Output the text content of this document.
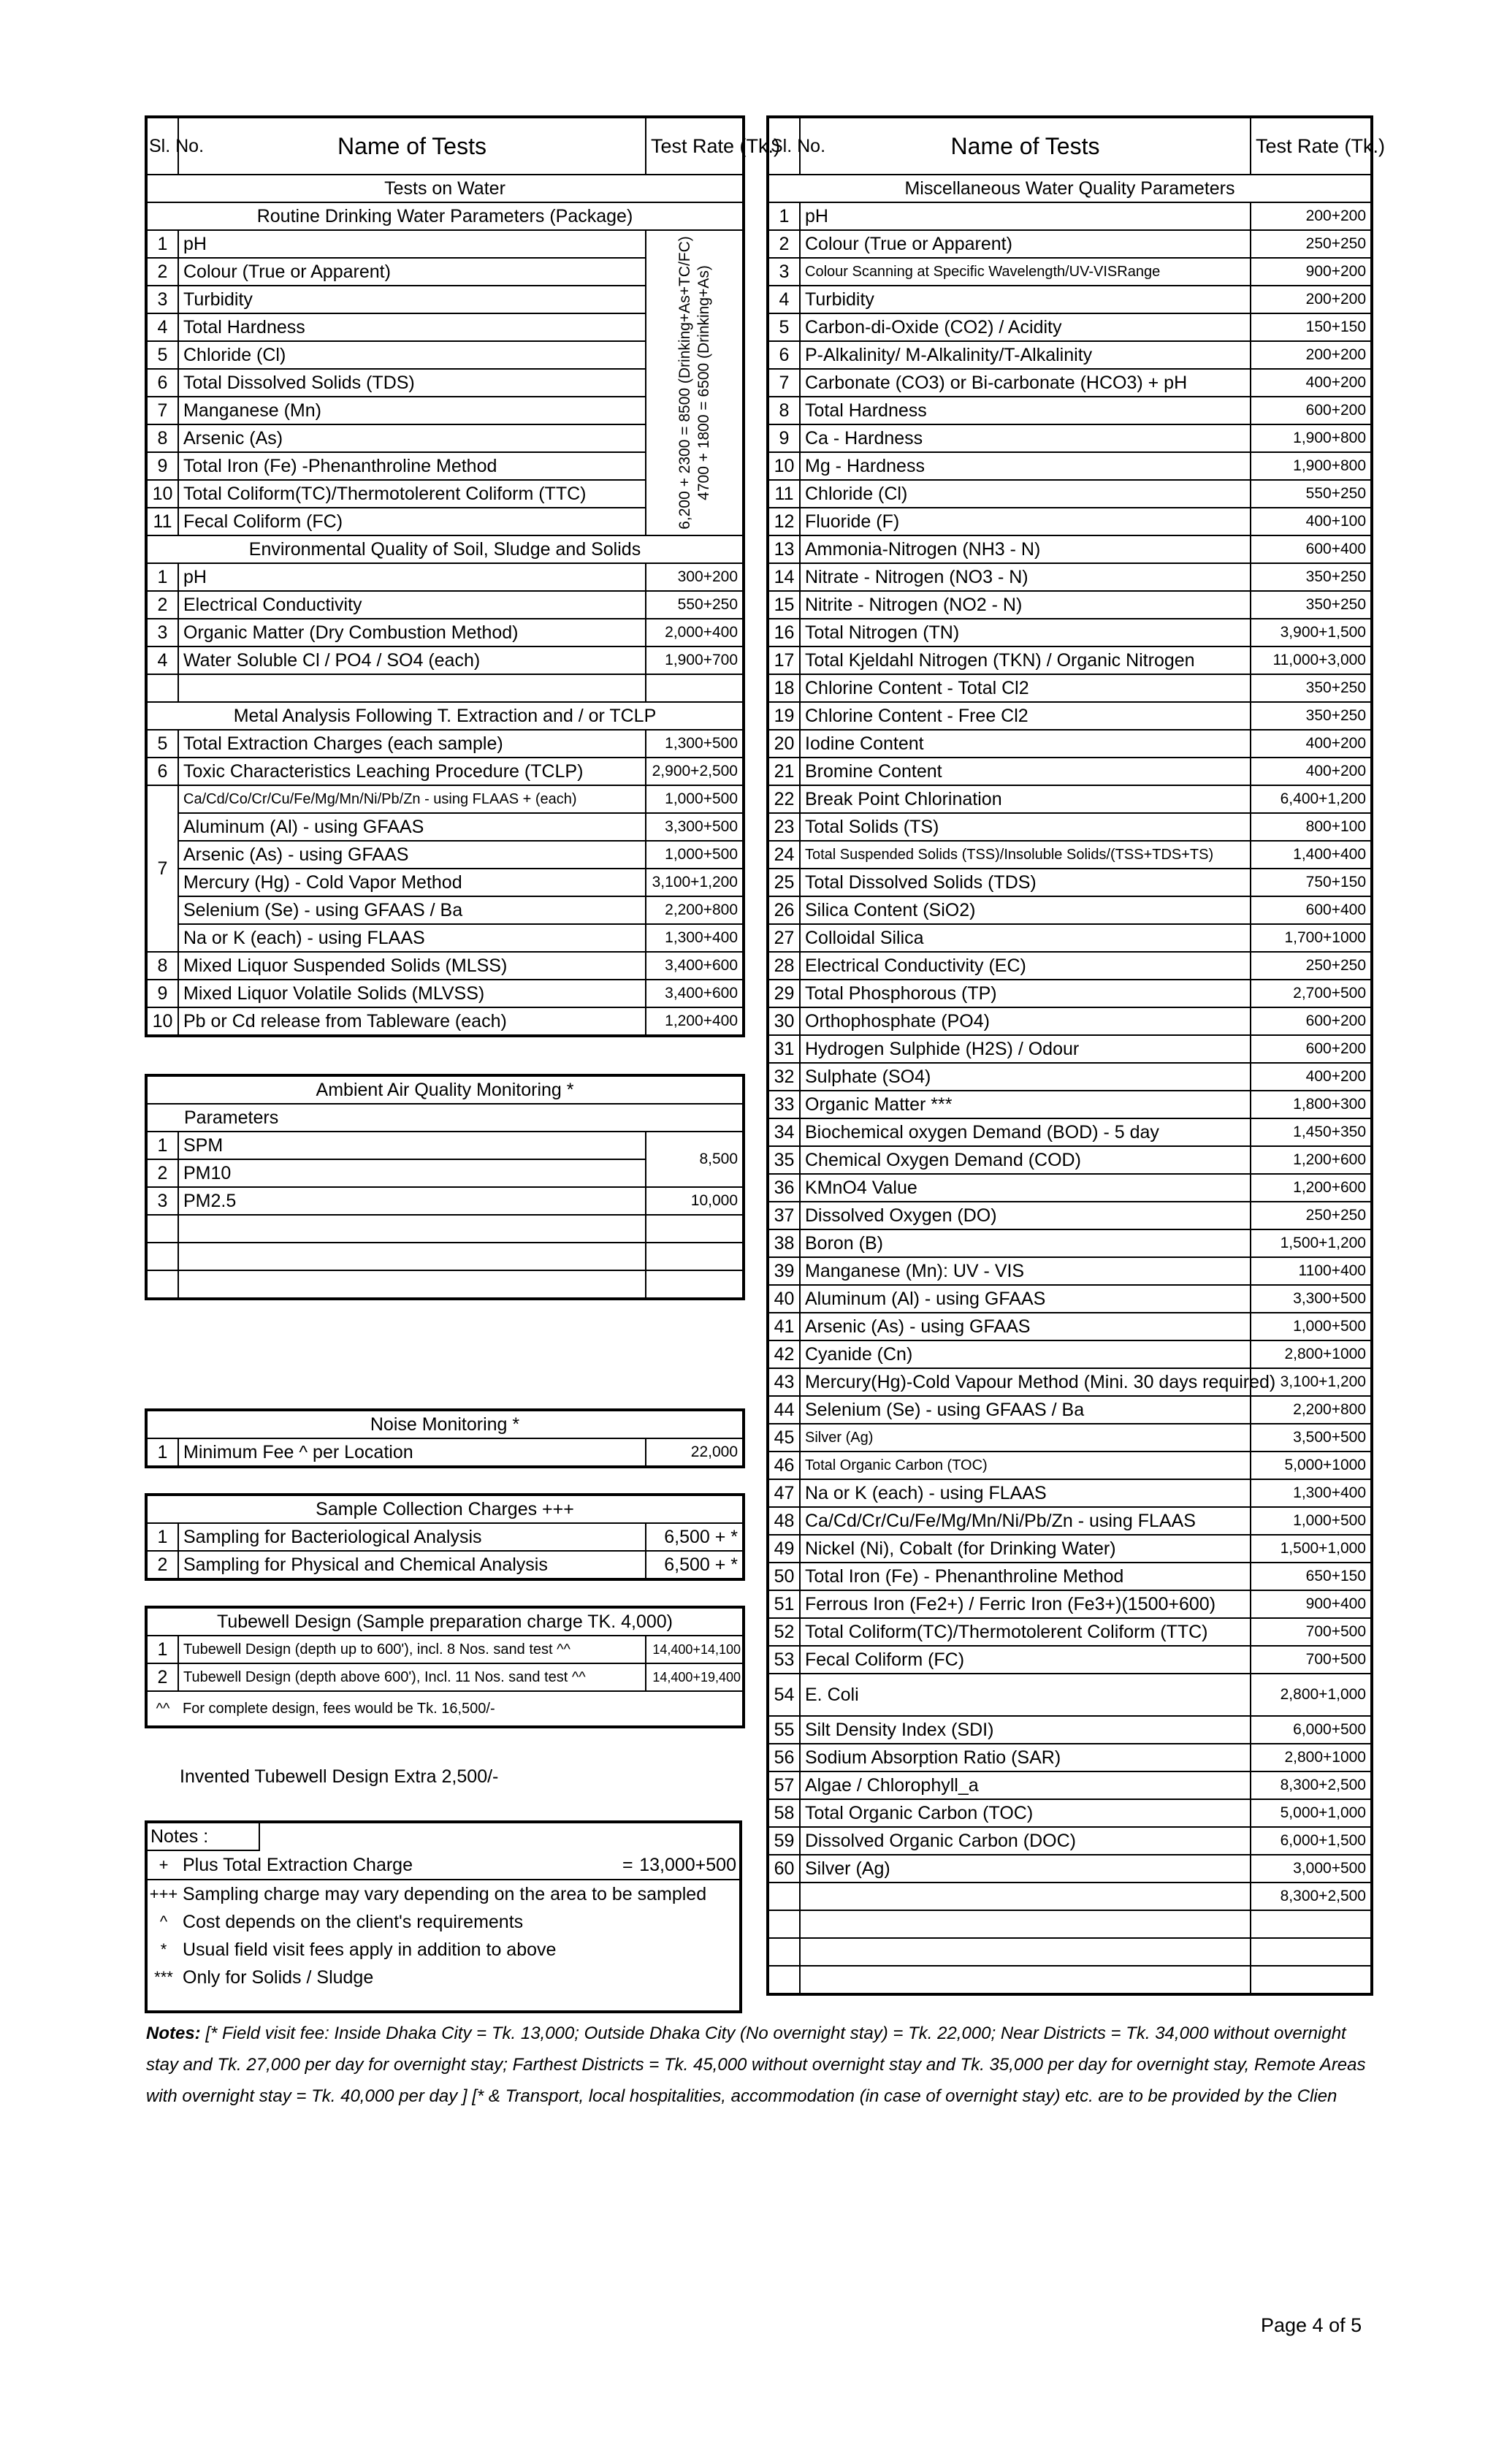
Sl. No.	Name of Tests	Test Rate (Tk.)
Tests on Water		
Routine Drinking Water Parameters (Package)		
1	pH	6,200 + 2300 = 8500 (Drinking+As+TC/FC) 4700 + 1800 = 6500 (Drinking+As)

2	Colour (True or Apparent)	
3	Turbidity	
4	Total Hardness	
5	Chloride (Cl)	
6	Total Dissolved Solids (TDS)	
7	Manganese (Mn)	
8	Arsenic (As)	
9	Total Iron (Fe) -Phenanthroline Method	
10	Total Coliform(TC)/Thermotolerent Coliform (TTC)	
11	Fecal Coliform (FC)	
Environmental Quality of Soil, Sludge and Solids		
1	pH	300+200
2	Electrical Conductivity	550+250
3	Organic Matter (Dry Combustion Method)	2,000+400
4	Water Soluble Cl / PO4 / SO4 (each)	1,900+700

Metal Analysis Following T. Extraction and / or TCLP		
5	Total Extraction Charges (each sample)	1,300+500
6	Toxic Characteristics Leaching Procedure (TCLP)	2,900+2,500
7	Ca/Cd/Co/Cr/Cu/Fe/Mg/Mn/Ni/Pb/Zn - using FLAAS + (each)	1,000+500
	Aluminum (Al) - using GFAAS	3,300+500
	Arsenic (As) - using GFAAS	1,000+500
	Mercury (Hg) - Cold Vapor Method	3,100+1,200
	Selenium (Se) - using GFAAS / Ba	2,200+800
	Na or K (each) - using FLAAS	1,300+400
8	Mixed Liquor Suspended Solids (MLSS)	3,400+600
9	Mixed Liquor Volatile Solids (MLVSS)	3,400+600
10	Pb or Cd release from Tableware (each)	1,200+400
Ambient Air Quality Monitoring *		
Parameters		
1	SPM	8,500
2	PM10	
3	PM2.5	10,000

Noise Monitoring *
1	Minimum Fee ^ per Location	22,000
Sample Collection Charges +++		
1	Sampling for Bacteriological Analysis	6,500 + *
2	Sampling for Physical and Chemical Analysis	6,500 + *
Tubewell Design (Sample preparation charge TK. 4,000)		
1	Tubewell Design (depth up to 600'), incl. 8 Nos. sand test ^^	14,400+14,100
2	Tubewell Design (depth above 600'), Incl. 11 Nos. sand test ^^	14,400+19,400
^^	For complete design, fees would be Tk. 16,500/-	
Invented Tubewell Design Extra 2,500/-
Notes :
+ Plus Total Extraction Charge	= 13,000+500
+++ Sampling charge may vary depending on the area to be sampled
^ Cost depends on the client's requirements
* Usual field visit fees apply in addition to above
*** Only for Solids / Sludge
Sl. No.	Name of Tests	Test Rate (Tk.)
Miscellaneous Water Quality Parameters		
1	pH	200+200
2	Colour (True or Apparent)	250+250
3	Colour Scanning at Specific Wavelength/UV-VISRange	900+200
4	Turbidity	200+200
5	Carbon-di-Oxide (CO2) / Acidity	150+150
6	P-Alkalinity/ M-Alkalinity/T-Alkalinity	200+200
7	Carbonate (CO3) or Bi-carbonate (HCO3) + pH	400+200
8	Total Hardness	600+200
9	Ca - Hardness	1,900+800
10	Mg - Hardness	1,900+800
11	Chloride (Cl)	550+250
12	Fluoride (F)	400+100
13	Ammonia-Nitrogen (NH3 - N)	600+400
14	Nitrate - Nitrogen (NO3 - N)	350+250
15	Nitrite - Nitrogen (NO2 - N)	350+250
16	Total Nitrogen (TN)	3,900+1,500
17	Total Kjeldahl Nitrogen (TKN) / Organic Nitrogen	11,000+3,000
18	Chlorine Content - Total Cl2	350+250
19	Chlorine Content - Free Cl2	350+250
20	Iodine Content	400+200
21	Bromine Content	400+200
22	Break Point Chlorination	6,400+1,200
23	Total Solids (TS)	800+100
24	Total Suspended Solids (TSS)/Insoluble Solids/(TSS+TDS+TS)	1,400+400
25	Total Dissolved Solids (TDS)	750+150
26	Silica Content (SiO2)	600+400
27	Colloidal Silica	1,700+1000
28	Electrical Conductivity (EC)	250+250
29	Total Phosphorous (TP)	2,700+500
30	Orthophosphate (PO4)	600+200
31	Hydrogen Sulphide (H2S) / Odour	600+200
32	Sulphate (SO4)	400+200
33	Organic Matter ***	1,800+300
34	Biochemical oxygen Demand (BOD) - 5 day	1,450+350
35	Chemical Oxygen Demand (COD)	1,200+600
36	KMnO4 Value	1,200+600
37	Dissolved Oxygen (DO)	250+250
38	Boron (B)	1,500+1,200
39	Manganese (Mn): UV - VIS	1100+400
40	Aluminum (Al) - using GFAAS	3,300+500
41	Arsenic (As) - using GFAAS	1,000+500
42	Cyanide (Cn)	2,800+1000
43	Mercury(Hg)-Cold Vapour Method (Mini. 30 days required)	3,100+1,200
44	Selenium (Se) - using GFAAS / Ba	2,200+800
45	Silver (Ag)	3,500+500
46	Total Organic Carbon (TOC)	5,000+1000
47	Na or K (each) - using FLAAS	1,300+400
48	Ca/Cd/Cr/Cu/Fe/Mg/Mn/Ni/Pb/Zn - using FLAAS	1,000+500
49	Nickel (Ni), Cobalt (for Drinking Water)	1,500+1,000
50	Total Iron (Fe) - Phenanthroline Method	650+150
51	Ferrous Iron (Fe2+) / Ferric Iron (Fe3+)(1500+600)	900+400
52	Total Coliform(TC)/Thermotolerent Coliform (TTC)	700+500
53	Fecal Coliform (FC)	700+500
54	E. Coli	2,800+1,000
55	Silt Density Index (SDI)	6,000+500
56	Sodium Absorption Ratio (SAR)	2,800+1000
57	Algae / Chlorophyll_a	8,300+2,500
58	Total Organic Carbon (TOC)	5,000+1,000
59	Dissolved Organic Carbon (DOC)	6,000+1,500
60	Silver (Ag)	3,000+500
		8,300+2,500

Notes: [* Field visit fee: Inside Dhaka City = Tk. 13,000; Outside Dhaka City (No overnight stay) = Tk. 22,000; Near Districts = Tk. 34,000 without overnight stay and Tk. 27,000 per day for overnight stay; Farthest Districts = Tk. 45,000 without overnight stay and Tk. 35,000 per day for overnight stay, Remote Areas with overnight stay = Tk. 40,000 per day ] [* & Transport, local hospitalities, accommodation (in case of overnight stay) etc. are to be provided by the Clien
Page 4 of 5
